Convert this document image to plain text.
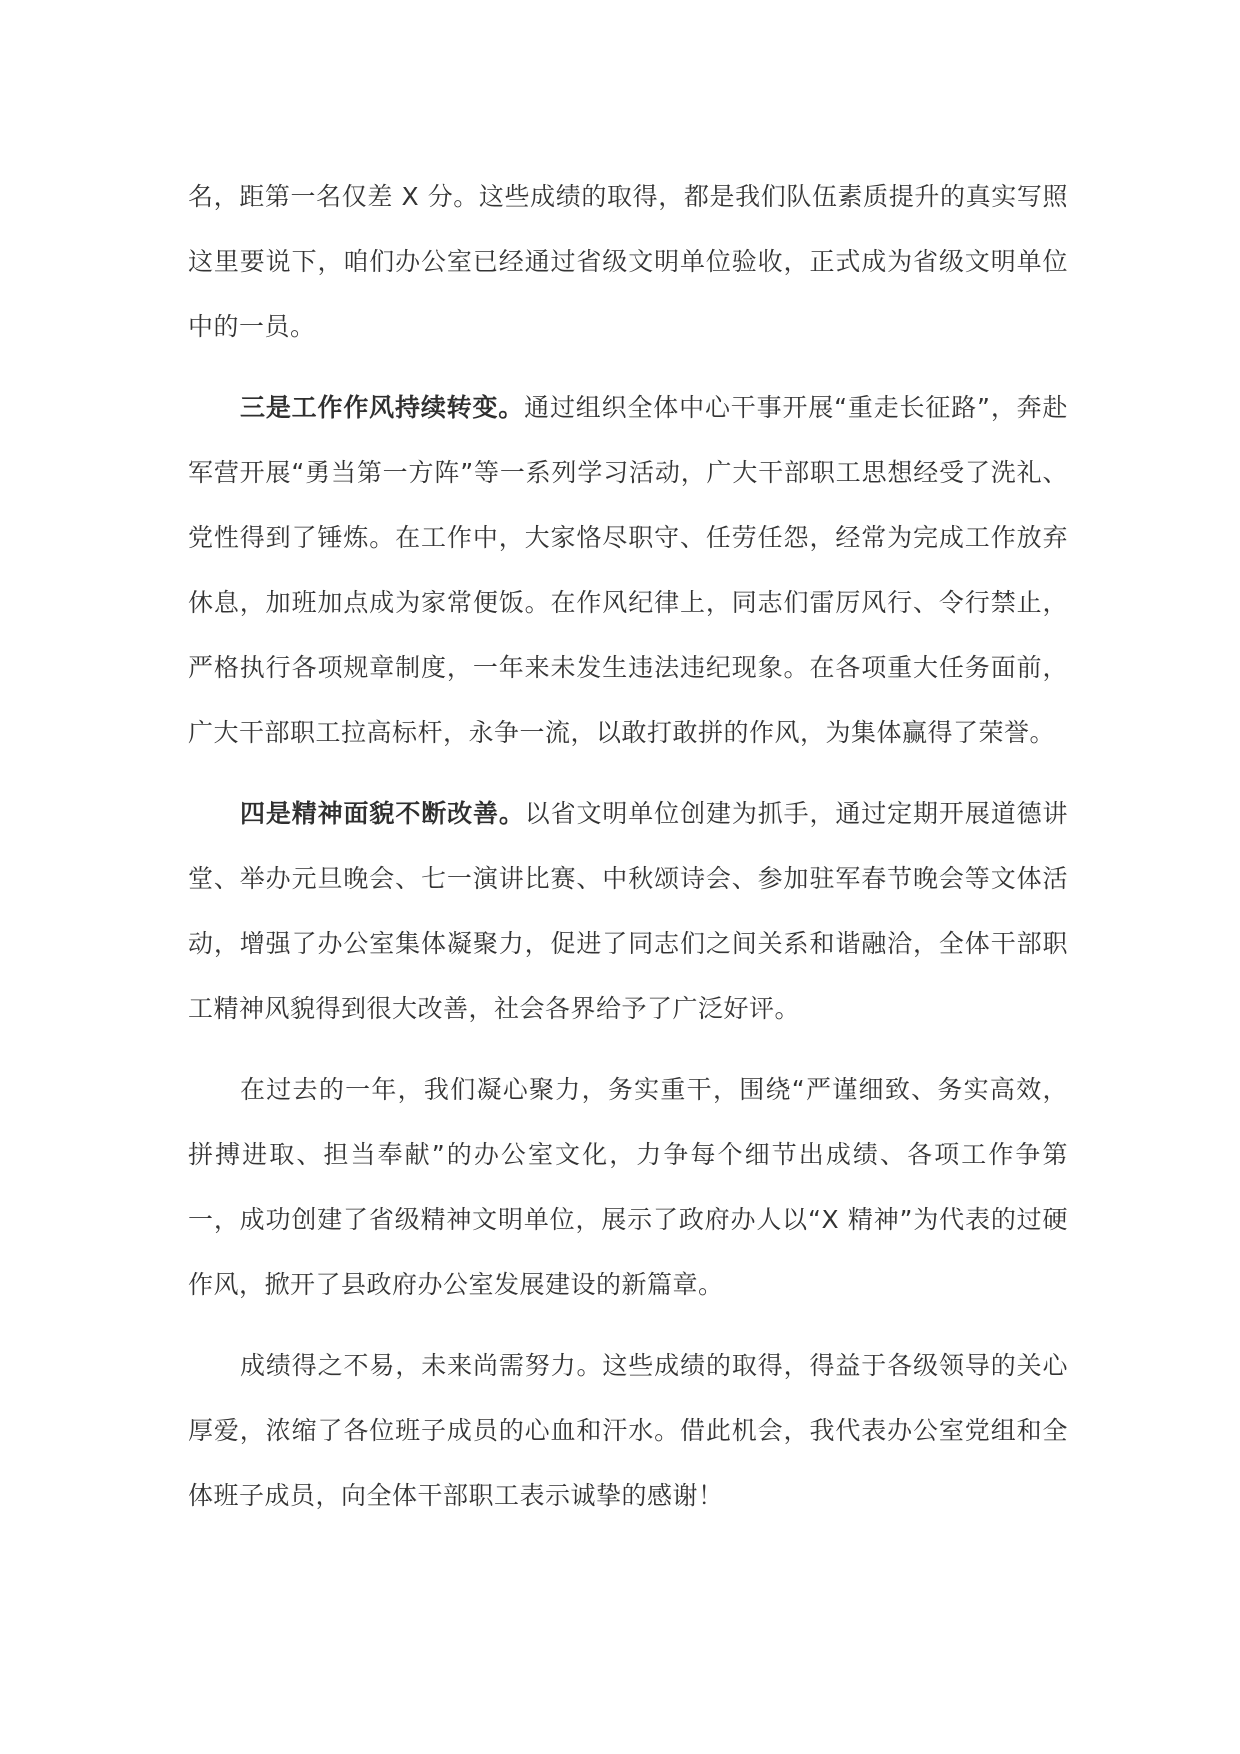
名，距第一名仅差 X 分。这些成绩的取得，都是我们队伍素质提升的真实写照这里要说下，咱们办公室已经通过省级文明单位验收，正式成为省级文明单位中的一员。

三是工作作风持续转变。通过组织全体中心干事开展“重走长征路”，奔赴军营开展“勇当第一方阵”等一系列学习活动，广大干部职工思想经受了洗礼、党性得到了锤炼。在工作中，大家恪尽职守、任劳任怨，经常为完成工作放弃休息，加班加点成为家常便饭。在作风纪律上，同志们雷厉风行、令行禁止，严格执行各项规章制度，一年来未发生违法违纪现象。在各项重大任务面前，广大干部职工拉高标杆，永争一流，以敢打敢拼的作风，为集体赢得了荣誉。

四是精神面貌不断改善。以省文明单位创建为抓手，通过定期开展道德讲堂、举办元旦晚会、七一演讲比赛、中秋颂诗会、参加驻军春节晚会等文体活动，增强了办公室集体凝聚力，促进了同志们之间关系和谐融洽，全体干部职工精神风貌得到很大改善，社会各界给予了广泛好评。

在过去的一年，我们凝心聚力，务实重干，围绕“严谨细致、务实高效，拼搏进取、担当奉献”的办公室文化，力争每个细节出成绩、各项工作争第一，成功创建了省级精神文明单位，展示了政府办人以“X 精神”为代表的过硬作风，掀开了县政府办公室发展建设的新篇章。

成绩得之不易，未来尚需努力。这些成绩的取得，得益于各级领导的关心厚爱，浓缩了各位班子成员的心血和汗水。借此机会，我代表办公室党组和全体班子成员，向全体干部职工表示诚挚的感谢！
